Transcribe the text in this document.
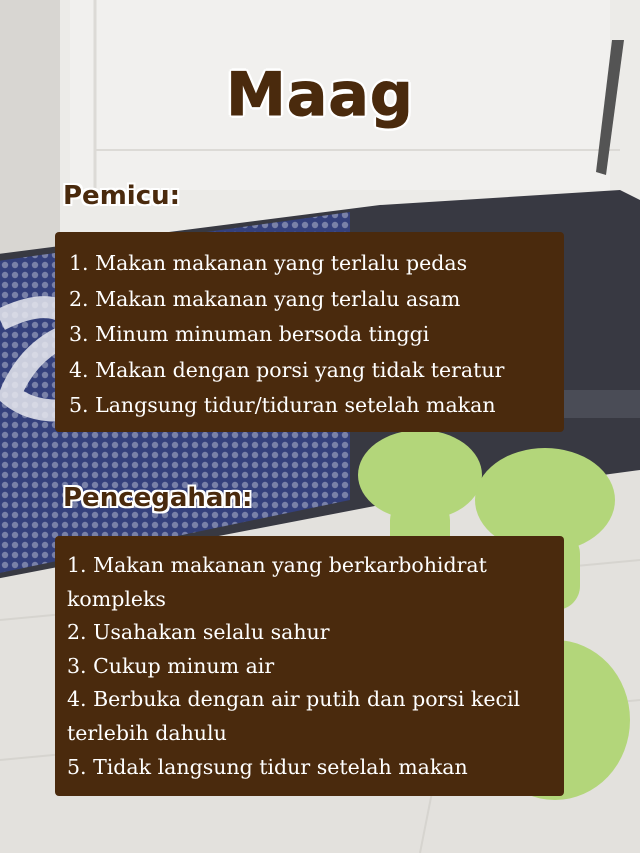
Maag
Pemicu:
1. Makan makanan yang terlalu pedas
2. Makan makanan yang terlalu asam
3. Minum minuman bersoda tinggi
4. Makan dengan porsi yang tidak teratur
5. Langsung tidur/tiduran setelah makan
Pencegahan:
1. Makan makanan yang berkarbohidrat kompleks
2. Usahakan selalu sahur
3. Cukup minum air
4. Berbuka dengan air putih dan porsi kecil terlebih dahulu
5. Tidak langsung tidur setelah makan
